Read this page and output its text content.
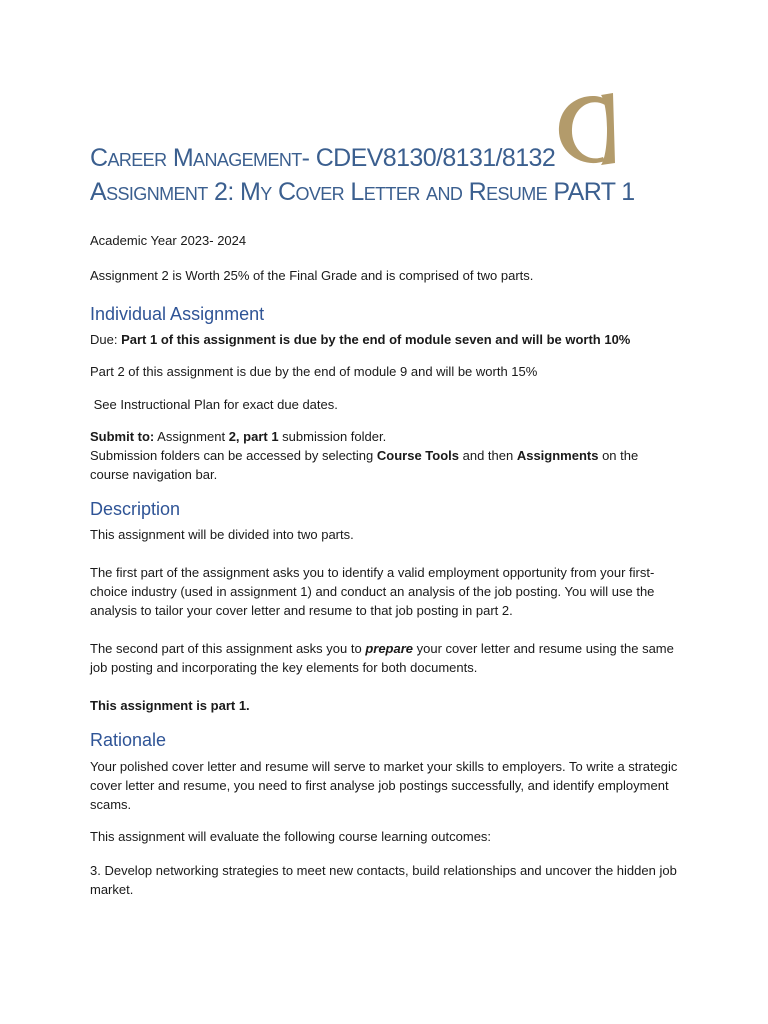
Career Management- CDEV8130/8131/8132
Assignment 2: My Cover Letter and Resume PART 1

Academic Year 2023- 2024

Assignment 2 is Worth 25% of the Final Grade and is comprised of two parts.

Individual Assignment

Due: Part 1 of this assignment is due by the end of module seven and will be worth 10%

Part 2 of this assignment is due by the end of module 9 and will be worth 15%

See Instructional Plan for exact due dates.

Submit to: Assignment 2, part 1 submission folder.
Submission folders can be accessed by selecting Course Tools and then Assignments on the course navigation bar.

Description

This assignment will be divided into two parts.

The first part of the assignment asks you to identify a valid employment opportunity from your first-choice industry (used in assignment 1) and conduct an analysis of the job posting. You will use the analysis to tailor your cover letter and resume to that job posting in part 2.

The second part of this assignment asks you to prepare your cover letter and resume using the same job posting and incorporating the key elements for both documents.

This assignment is part 1.

Rationale

Your polished cover letter and resume will serve to market your skills to employers. To write a strategic cover letter and resume, you need to first analyse job postings successfully, and identify employment scams.

This assignment will evaluate the following course learning outcomes:

3. Develop networking strategies to meet new contacts, build relationships and uncover the hidden job market.
